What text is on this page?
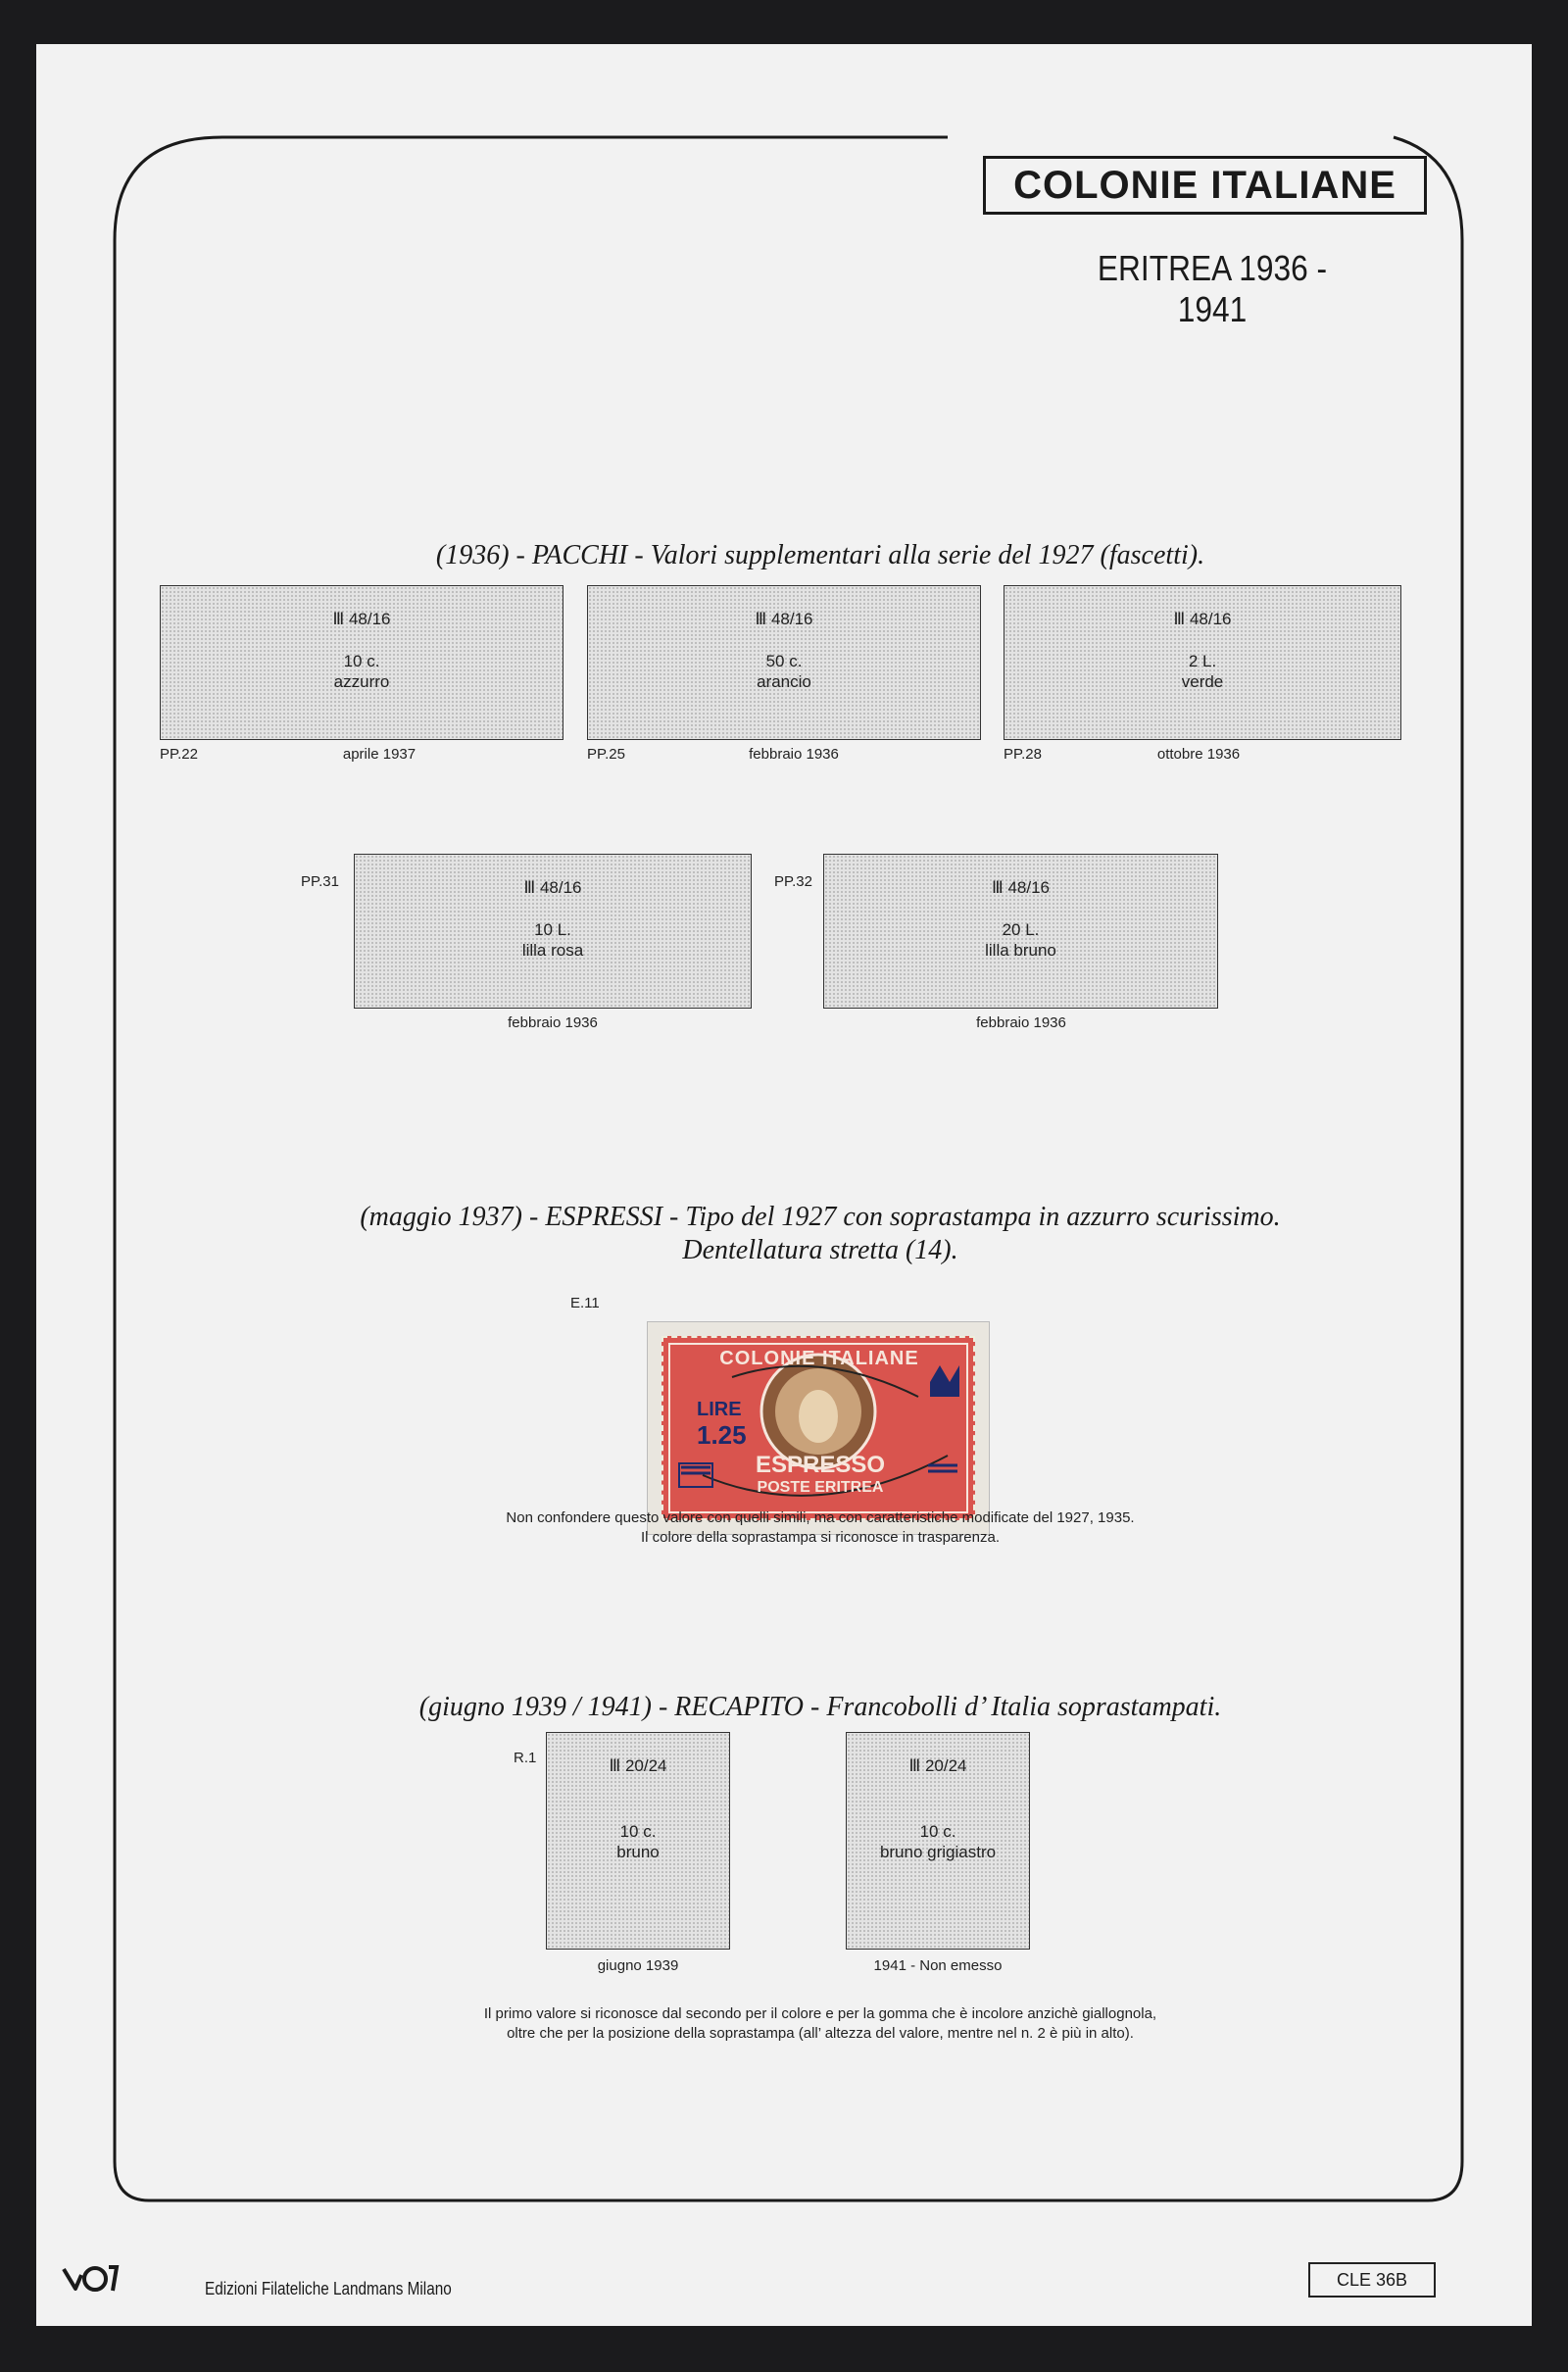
COLONIE ITALIANE
ERITREA 1936 - 1941
(1936) - PACCHI - Valori supplementari alla serie del 1927 (fascetti).
Ⅲ 48/16
10 c.
azzurro
PP.22	aprile 1937
Ⅲ 48/16
50 c.
arancio
PP.25	febbraio 1936
Ⅲ 48/16
2 L.
verde
PP.28	ottobre 1936
PP.31	Ⅲ 48/16
10 L.
lilla rosa
febbraio 1936
PP.32	Ⅲ 48/16
20 L.
lilla bruno
febbraio 1936
(maggio 1937) - ESPRESSI - Tipo del 1927 con soprastampa in azzurro scurissimo.
Dentellatura stretta (14).
E.11
COLONIE ITALIANE
LIRE
1.25
ESPRESSO
POSTE ERITREA
Non confondere questo valore con quelli simili, ma con caratteristiche modificate del 1927, 1935.
Il colore della soprastampa si riconosce in trasparenza.
(giugno 1939 / 1941) - RECAPITO - Francobolli d’ Italia soprastampati.
R.1	Ⅲ 20/24
10 c.
bruno
giugno 1939
Ⅲ 20/24
10 c.
bruno grigiastro
1941 - Non emesso
Il primo valore si riconosce dal secondo per il colore e per la gomma che è incolore anzichè giallognola,
oltre che per la posizione della soprastampa (all’ altezza del valore, mentre nel n. 2 è più in alto).
Edizioni Filateliche Landmans Milano	CLE 36B
